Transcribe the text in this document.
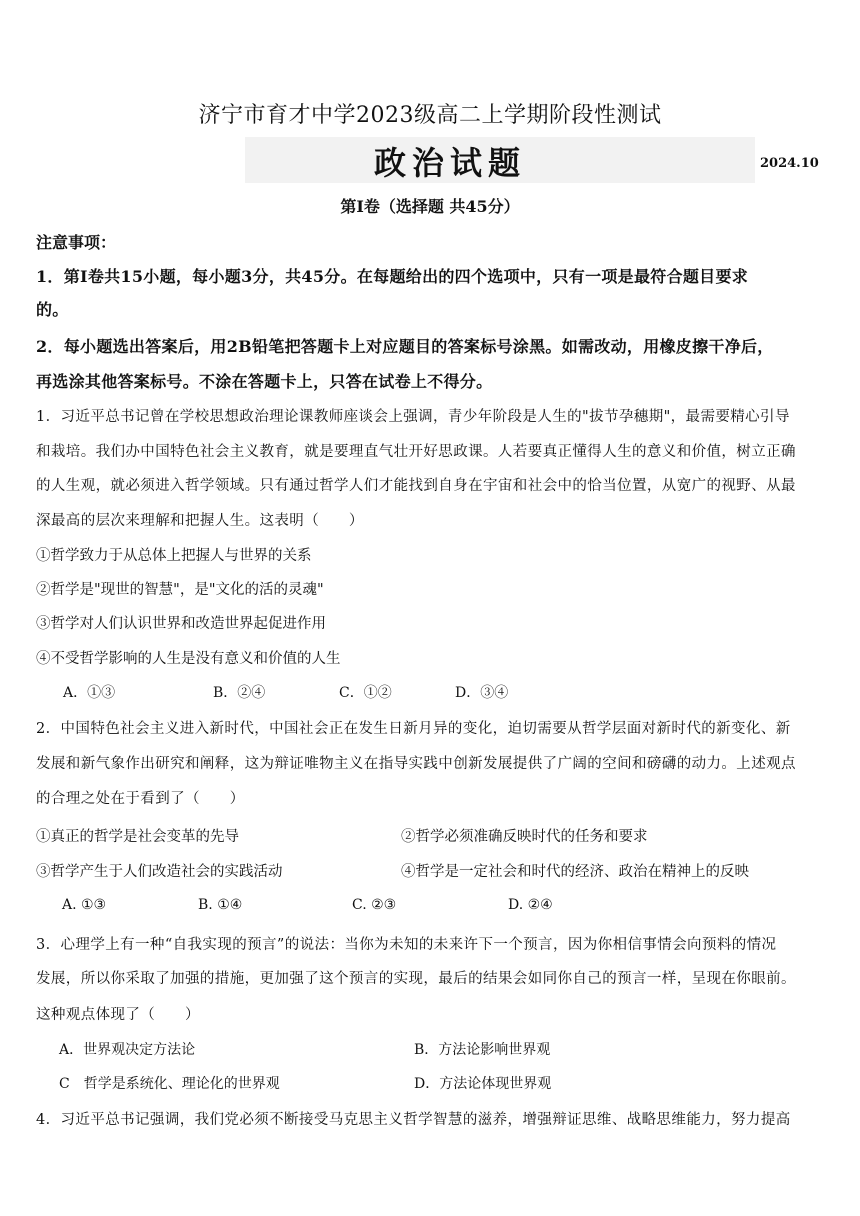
济宁市育才中学2023级高二上学期阶段性测试
政治试题	2024.10
第Ⅰ卷（选择题 共45分）
注意事项：
1．第Ⅰ卷共15小题，每小题3分，共45分。在每题给出的四个选项中，只有一项是最符合题目要求
的。
2．每小题选出答案后，用2B铅笔把答题卡上对应题目的答案标号涂黑。如需改动，用橡皮擦干净后，
再选涂其他答案标号。不涂在答题卡上，只答在试卷上不得分。
1．习近平总书记曾在学校思想政治理论课教师座谈会上强调，青少年阶段是人生的"拔节孕穗期"，最需要精心引导
和栽培。我们办中国特色社会主义教育，就是要理直气壮开好思政课。人若要真正懂得人生的意义和价值，树立正确
的人生观，就必须进入哲学领域。只有通过哲学人们才能找到自身在宇宙和社会中的恰当位置，从宽广的视野、从最
深最高的层次来理解和把握人生。这表明（　　）
①哲学致力于从总体上把握人与世界的关系
②哲学是"现世的智慧"，是"文化的活的灵魂"
③哲学对人们认识世界和改造世界起促进作用
④不受哲学影响的人生是没有意义和价值的人生
A．①③	B．②④	C．①②	D．③④
2．中国特色社会主义进入新时代，中国社会正在发生日新月异的变化，迫切需要从哲学层面对新时代的新变化、新
发展和新气象作出研究和阐释，这为辩证唯物主义在指导实践中创新发展提供了广阔的空间和磅礴的动力。上述观点
的合理之处在于看到了（　　）
①真正的哲学是社会变革的先导	②哲学必须准确反映时代的任务和要求
③哲学产生于人们改造社会的实践活动	④哲学是一定社会和时代的经济、政治在精神上的反映
A. ①③	B. ①④	C. ②③	D. ②④
3．心理学上有一种“自我实现的预言”的说法：当你为未知的未来许下一个预言，因为你相信事情会向预料的情况
发展，所以你采取了加强的措施，更加强了这个预言的实现，最后的结果会如同你自己的预言一样，呈现在你眼前。
这种观点体现了（　　）
A．世界观决定方法论	B．方法论影响世界观
C　哲学是系统化、理论化的世界观	D．方法论体现世界观
4．习近平总书记强调，我们党必须不断接受马克思主义哲学智慧的滋养，增强辩证思维、战略思维能力，努力提高
